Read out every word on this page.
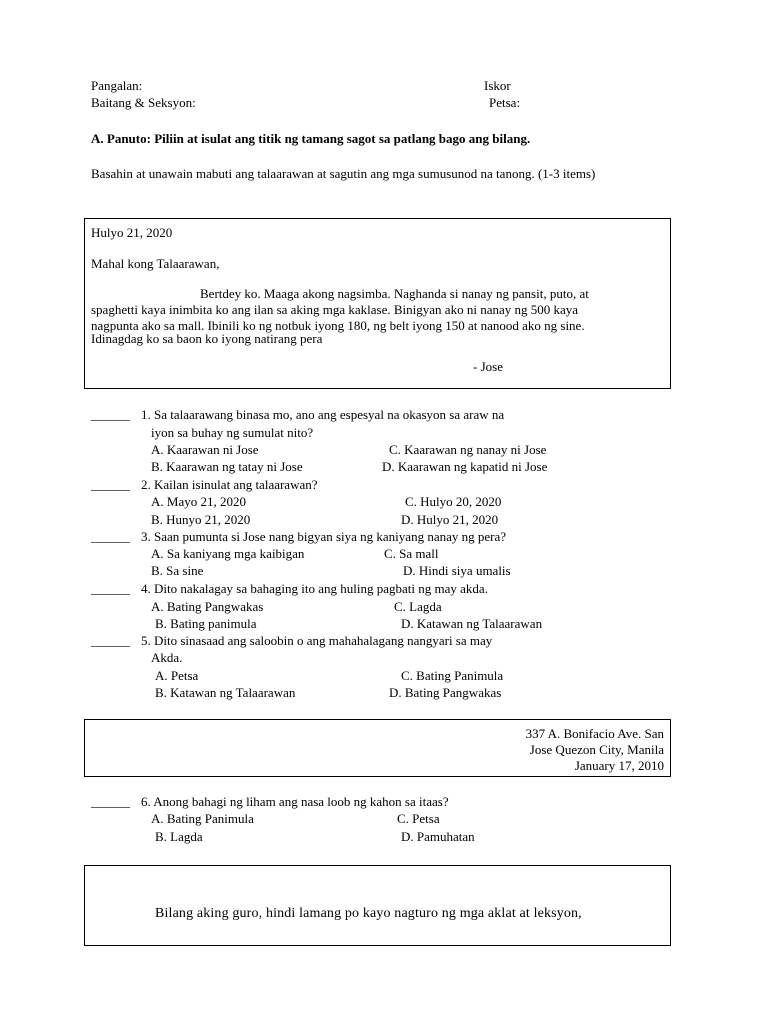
Pangalan:	Iskor
Baitang & Seksyon:	Petsa:
A. Panuto: Piliin at isulat ang titik ng tamang sagot sa patlang bago ang bilang.
Basahin at unawain mabuti ang talaarawan at sagutin ang mga sumusunod na tanong. (1-3 items)
Hulyo 21, 2020
Mahal kong Talaarawan,
Bertdey ko. Maaga akong nagsimba. Naghanda si nanay ng pansit, puto, at
spaghetti kaya inimbita ko ang ilan sa aking mga kaklase. Binigyan ako ni nanay ng 500 kaya
nagpunta ako sa mall. Ibinili ko ng notbuk iyong 180, ng belt iyong 150 at nanood ako ng sine.
Idinagdag ko sa baon ko iyong natirang pera
- Jose
______ 1. Sa talaarawang binasa mo, ano ang espesyal na okasyon sa araw na
iyon sa buhay ng sumulat nito?
A. Kaarawan ni Jose	C. Kaarawan ng nanay ni Jose
B. Kaarawan ng tatay ni Jose	D. Kaarawan ng kapatid ni Jose
______ 2. Kailan isinulat ang talaarawan?
A. Mayo 21, 2020	C. Hulyo 20, 2020
B. Hunyo 21, 2020	D. Hulyo 21, 2020
______ 3. Saan pumunta si Jose nang bigyan siya ng kaniyang nanay ng pera?
A. Sa kaniyang mga kaibigan	C. Sa mall
B. Sa sine	D. Hindi siya umalis
______ 4. Dito nakalagay sa bahaging ito ang huling pagbati ng may akda.
A. Bating Pangwakas	C. Lagda
B. Bating panimula	D. Katawan ng Talaarawan
______ 5. Dito sinasaad ang saloobin o ang mahahalagang nangyari sa may
Akda.
A. Petsa	C. Bating Panimula
B. Katawan ng Talaarawan	D. Bating Pangwakas
337 A. Bonifacio Ave. San
Jose Quezon City, Manila
January 17, 2010
______ 6. Anong bahagi ng liham ang nasa loob ng kahon sa itaas?
A. Bating Panimula	C. Petsa
B. Lagda	D. Pamuhatan
Bilang aking guro, hindi lamang po kayo nagturo ng mga aklat at leksyon,
